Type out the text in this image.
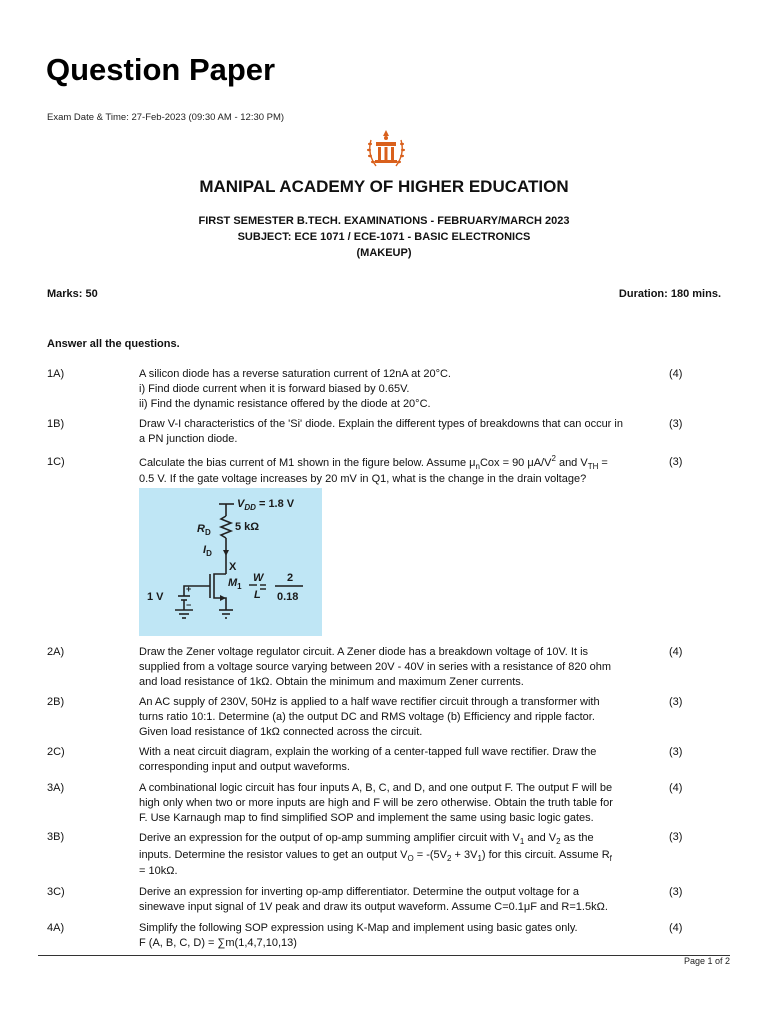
Question Paper
Exam Date & Time: 27-Feb-2023 (09:30 AM - 12:30 PM)
MANIPAL ACADEMY OF HIGHER EDUCATION
FIRST SEMESTER B.TECH. EXAMINATIONS - FEBRUARY/MARCH 2023
SUBJECT: ECE 1071 / ECE-1071 - BASIC ELECTRONICS
(MAKEUP)
Marks: 50	Duration: 180 mins.
Answer all the questions.
1A)	A silicon diode has a reverse saturation current of 12nA at 20°C.
i) Find diode current when it is forward biased by 0.65V.
ii) Find the dynamic resistance offered by the diode at 20°C.
(4)
1B)	Draw V-I characteristics of the 'Si' diode. Explain the different types of breakdowns that can occur in
a PN junction diode.
(3)
1C)	Calculate the bias current of M1 shown in the figure below. Assume $\mu_nCox = 90$ $\mu A/V^2$ and $V_{TH}$ =
0.5 V. If the gate voltage increases by 20 mV in Q1, what is the change in the drain voltage?
(3)
$V_{DD} = 1.8$ V
$R_D$ 5 kΩ
$I_D$
X
$M_1$
W
L
2
0.18
1 V
+
−
2A)	Draw the Zener voltage regulator circuit. A Zener diode has a breakdown voltage of 10V. It is
supplied from a voltage source varying between 20V - 40V in series with a resistance of 820 ohm
and load resistance of 1kΩ. Obtain the minimum and maximum Zener currents.
(4)
2B)	An AC supply of 230V, 50Hz is applied to a half wave rectifier circuit through a transformer with
turns ratio 10:1. Determine (a) the output DC and RMS voltage (b) Efficiency and ripple factor.
Given load resistance of 1kΩ connected across the circuit.
(3)
2C)	With a neat circuit diagram, explain the working of a center-tapped full wave rectifier. Draw the
corresponding input and output waveforms.
(3)
3A)	A combinational logic circuit has four inputs A, B, C, and D, and one output F. The output F will be
high only when two or more inputs are high and F will be zero otherwise. Obtain the truth table for
F. Use Karnaugh map to find simplified SOP and implement the same using basic logic gates.
(4)
3B)	Derive an expression for the output of op-amp summing amplifier circuit with $V_1$ and $V_2$ as the
inputs. Determine the resistor values to get an output $V_O = -(5V_2 + 3V_1)$ for this circuit. Assume $R_f$
= 10kΩ.
(3)
3C)	Derive an expression for inverting op-amp differentiator. Determine the output voltage for a
sinewave input signal of 1V peak and draw its output waveform. Assume C=0.1μF and R=1.5kΩ.
(3)
4A)	Simplify the following SOP expression using K-Map and implement using basic gates only.
F (A, B, C, D) = ∑m(1,4,7,10,13)
(4)
Page 1 of 2
